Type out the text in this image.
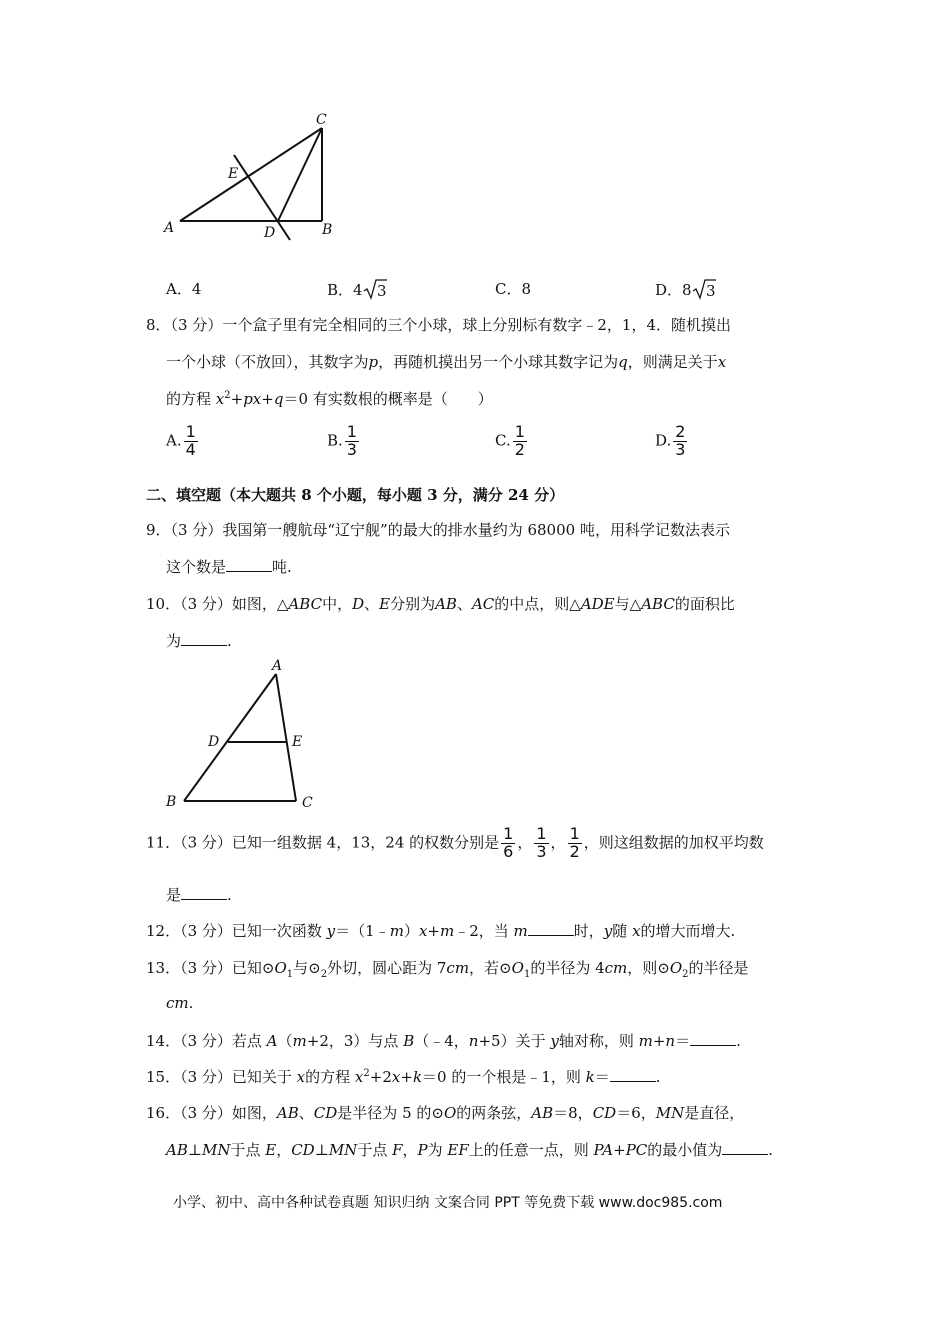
C
E
A	D	B
A．4	B．4 3	C．8	D．8 3
8．（3 分）一个盒子里有完全相同的三个小球，球上分别标有数字﹣2，1，4．随机摸出
一个小球（不放回），其数字为p，再随机摸出另一个小球其数字记为q，则满足关于x
的方程 $x^2+px+q=0$ 有实数根的概率是（　　）
A. $\frac{1}{4}$	B. $\frac{1}{3}$	C. $\frac{1}{2}$	D. $\frac{2}{3}$
二、填空题（本大题共 8 个小题，每小题 3 分，满分 24 分）
9．（3 分）我国第一艘航母“辽宁舰”的最大的排水量约为 68000 吨，用科学记数法表示
这个数是	吨.
10．（3 分）如图，△ABC中，D、E分别为AB、AC的中点，则△ADE与△ABC的面积比
为	.
A
D	E
B	C
11．（3 分）已知一组数据 4，13，24 的权数分别是 $\frac{1}{6}$ ， $\frac{1}{3}$ ， $\frac{1}{2}$ ，则这组数据的加权平均数
是	.
12．（3 分）已知一次函数 y＝（1﹣m）x+m﹣2，当 m	时，y随 x的增大而增大.
13．（3 分）已知$⊙O_1$与$⊙_2$外切，圆心距为 7cm，若$⊙O_1$的半径为 4cm，则$⊙O_2$的半径是
cm.
14．（3 分）若点 A（m+2，3）与点 B（﹣4，n+5）关于 y轴对称，则 m+n＝	.
15．（3 分）已知关于 x的方程 $x^2+2x+k=0$ 的一个根是﹣1，则 k＝	.
16．（3 分）如图，AB、CD是半径为 5 的⊙O的两条弦，AB＝8，CD＝6，MN是直径，
AB⊥MN于点 E，CD⊥MN于点 F，P为 EF上的任意一点，则 PA+PC的最小值为	.
小学、初中、高中各种试卷真题 知识归纳 文案合同 PPT 等免费下载 www.doc985.com
